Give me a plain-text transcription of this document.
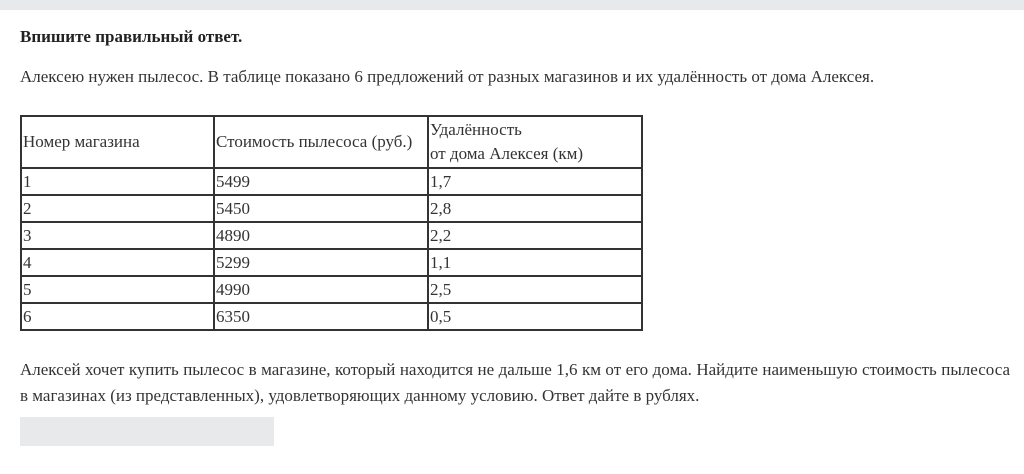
Впишите правильный ответ.
Алексею нужен пылесос. В таблице показано 6 предложений от разных магазинов и их удалённость от дома Алексея.
Номер магазина	Стоимость пылесоса (руб.)	Удалённость
от дома Алексея (км)
1	5499	1,7
2	5450	2,8
3	4890	2,2
4	5299	1,1
5	4990	2,5
6	6350	0,5
Алексей хочет купить пылесос в магазине, который находится не дальше 1,6 км от его дома. Найдите наименьшую стоимость пылесоса в магазинах (из представленных), удовлетворяющих данному условию. Ответ дайте в рублях.
